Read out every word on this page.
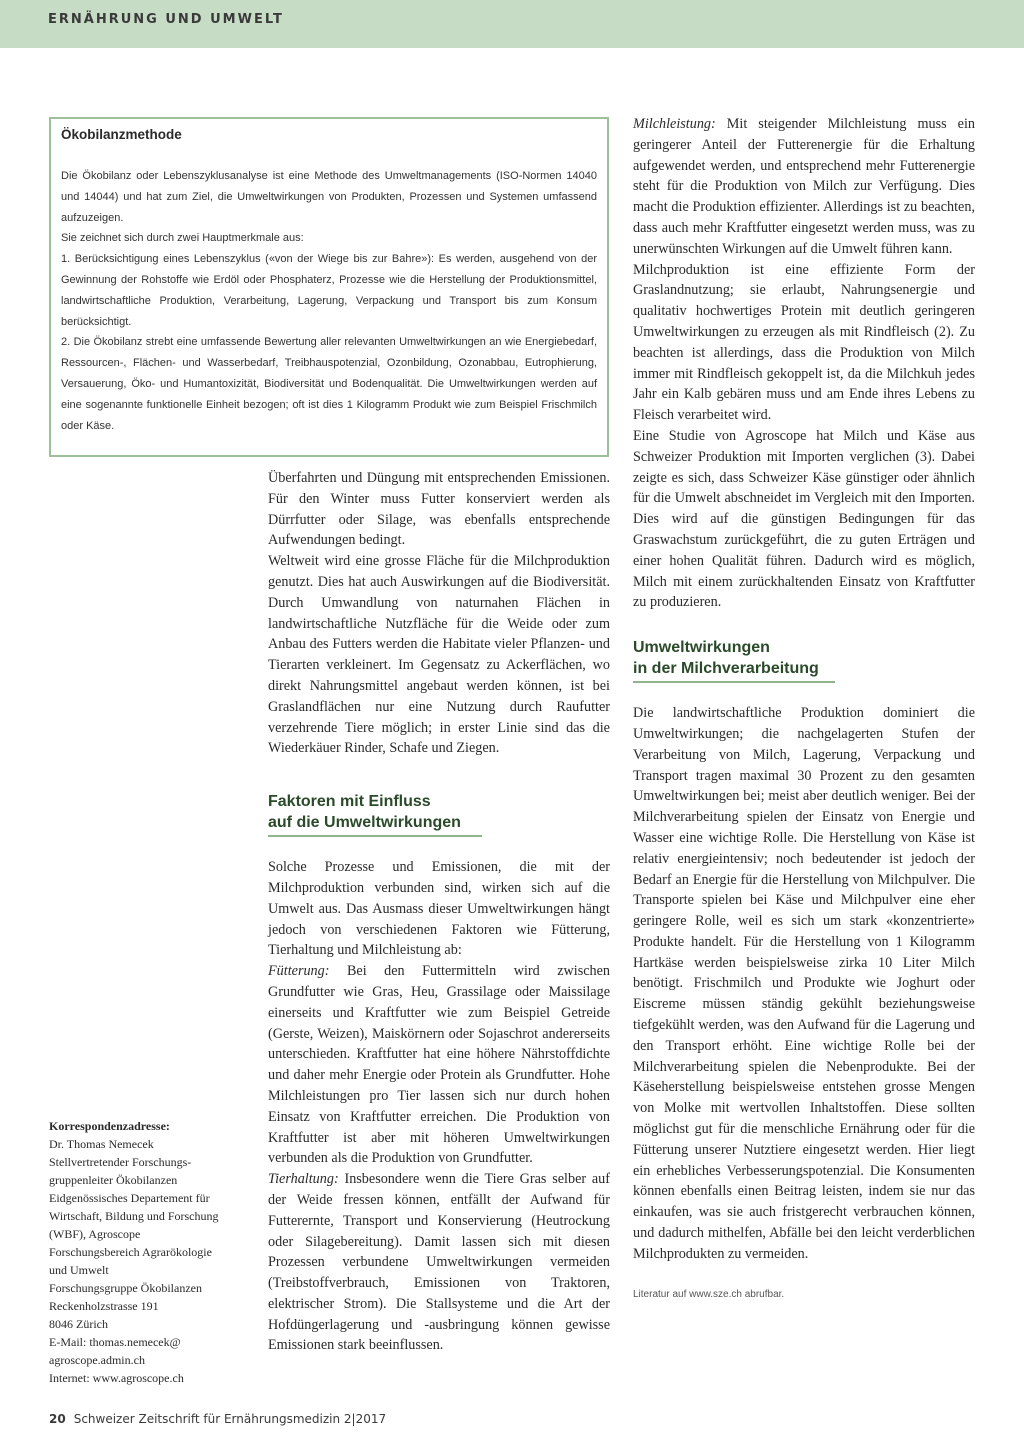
ERNÄHRUNG UND UMWELT
Ökobilanzmethode

Die Ökobilanz oder Lebenszyklusanalyse ist eine Methode des Umweltmanagements (ISO-Normen 14040 und 14044) und hat zum Ziel, die Umweltwirkungen von Produkten, Prozessen und Systemen umfassend aufzuzeigen.

Sie zeichnet sich durch zwei Hauptmerkmale aus:

1. Berücksichtigung eines Lebenszyklus («von der Wiege bis zur Bahre»): Es werden, ausgehend von der Gewinnung der Rohstoffe wie Erdöl oder Phosphaterz, Prozesse wie die Herstellung der Produktionsmittel, landwirtschaftliche Produktion, Verarbeitung, Lagerung, Verpackung und Transport bis zum Konsum berücksichtigt.

2. Die Ökobilanz strebt eine umfassende Bewertung aller relevanten Umweltwirkungen an wie Energiebedarf, Ressourcen-, Flächen- und Wasserbedarf, Treibhauspotenzial, Ozonbildung, Ozonabbau, Eutrophierung, Versauerung, Öko- und Humantoxizität, Biodiversität und Bodenqualität. Die Umweltwirkungen werden auf eine sogenannte funktionelle Einheit bezogen; oft ist dies 1 Kilogramm Produkt wie zum Beispiel Frischmilch oder Käse.

Überfahrten und Düngung mit entsprechenden Emissionen. Für den Winter muss Futter konserviert werden als Dürrfutter oder Silage, was ebenfalls entsprechende Aufwendungen bedingt.

Weltweit wird eine grosse Fläche für die Milchproduktion genutzt. Dies hat auch Auswirkungen auf die Biodiversität. Durch Umwandlung von naturnahen Flächen in landwirtschaftliche Nutzfläche für die Weide oder zum Anbau des Futters werden die Habitate vieler Pflanzen- und Tierarten verkleinert. Im Gegensatz zu Ackerflächen, wo direkt Nahrungsmittel angebaut werden können, ist bei Graslandflächen nur eine Nutzung durch Raufutter verzehrende Tiere möglich; in erster Linie sind das die Wiederkäuer Rinder, Schafe und Ziegen.

Faktoren mit Einfluss
auf die Umweltwirkungen

Solche Prozesse und Emissionen, die mit der Milchproduktion verbunden sind, wirken sich auf die Umwelt aus. Das Ausmass dieser Umweltwirkungen hängt jedoch von verschiedenen Faktoren wie Fütterung, Tierhaltung und Milchleistung ab:

Fütterung: Bei den Futtermitteln wird zwischen Grundfutter wie Gras, Heu, Grassilage oder Maissilage einerseits und Kraftfutter wie zum Beispiel Getreide (Gerste, Weizen), Maiskörnern oder Sojaschrot andererseits unterschieden. Kraftfutter hat eine höhere Nährstoffdichte und daher mehr Energie oder Protein als Grundfutter. Hohe Milchleistungen pro Tier lassen sich nur durch hohen Einsatz von Kraftfutter erreichen. Die Produktion von Kraftfutter ist aber mit höheren Umweltwirkungen verbunden als die Produktion von Grundfutter.

Tierhaltung: Insbesondere wenn die Tiere Gras selber auf der Weide fressen können, entfällt der Aufwand für Futterernte, Transport und Konservierung (Heutrockung oder Silagebereitung). Damit lassen sich mit diesen Prozessen verbundene Umweltwirkungen vermeiden (Treibstoffverbrauch, Emissionen von Traktoren, elektrischer Strom). Die Stallsysteme und die Art der Hofdüngerlagerung und -ausbringung können gewisse Emissionen stark beeinflussen.

Milchleistung: Mit steigender Milchleistung muss ein geringerer Anteil der Futterenergie für die Erhaltung aufgewendet werden, und entsprechend mehr Futterenergie steht für die Produktion von Milch zur Verfügung. Dies macht die Produktion effizienter. Allerdings ist zu beachten, dass auch mehr Kraftfutter eingesetzt werden muss, was zu unerwünschten Wirkungen auf die Umwelt führen kann.

Milchproduktion ist eine effiziente Form der Graslandnutzung; sie erlaubt, Nahrungsenergie und qualitativ hochwertiges Protein mit deutlich geringeren Umweltwirkungen zu erzeugen als mit Rindfleisch (2). Zu beachten ist allerdings, dass die Produktion von Milch immer mit Rindfleisch gekoppelt ist, da die Milchkuh jedes Jahr ein Kalb gebären muss und am Ende ihres Lebens zu Fleisch verarbeitet wird.

Eine Studie von Agroscope hat Milch und Käse aus Schweizer Produktion mit Importen verglichen (3). Dabei zeigte es sich, dass Schweizer Käse günstiger oder ähnlich für die Umwelt abschneidet im Vergleich mit den Importen. Dies wird auf die günstigen Bedingungen für das Graswachstum zurückgeführt, die zu guten Erträgen und einer hohen Qualität führen. Dadurch wird es möglich, Milch mit einem zurückhaltenden Einsatz von Kraftfutter zu produzieren.

Umweltwirkungen
in der Milchverarbeitung

Die landwirtschaftliche Produktion dominiert die Umweltwirkungen; die nachgelagerten Stufen der Verarbeitung von Milch, Lagerung, Verpackung und Transport tragen maximal 30 Prozent zu den gesamten Umweltwirkungen bei; meist aber deutlich weniger. Bei der Milchverarbeitung spielen der Einsatz von Energie und Wasser eine wichtige Rolle. Die Herstellung von Käse ist relativ energieintensiv; noch bedeutender ist jedoch der Bedarf an Energie für die Herstellung von Milchpulver. Die Transporte spielen bei Käse und Milchpulver eine eher geringere Rolle, weil es sich um stark «konzentrierte» Produkte handelt. Für die Herstellung von 1 Kilogramm Hartkäse werden beispielsweise zirka 10 Liter Milch benötigt. Frischmilch und Produkte wie Joghurt oder Eiscreme müssen ständig gekühlt beziehungsweise tiefgekühlt werden, was den Aufwand für die Lagerung und den Transport erhöht. Eine wichtige Rolle bei der Milchverarbeitung spielen die Nebenprodukte. Bei der Käseherstellung beispielsweise entstehen grosse Mengen von Molke mit wertvollen Inhaltstoffen. Diese sollten möglichst gut für die menschliche Ernährung oder für die Fütterung unserer Nutztiere eingesetzt werden. Hier liegt ein erhebliches Verbesserungspotenzial. Die Konsumenten können ebenfalls einen Beitrag leisten, indem sie nur das einkaufen, was sie auch fristgerecht verbrauchen können, und dadurch mithelfen, Abfälle bei den leicht verderblichen Milchprodukten zu vermeiden.

Literatur auf www.sze.ch abrufbar.
Korrespondenzadresse:
Dr. Thomas Nemecek
Stellvertretender Forschungs-
gruppenleiter Ökobilanzen
Eidgenössisches Departement für
Wirtschaft, Bildung und Forschung
(WBF), Agroscope
Forschungsbereich Agrarökologie
und Umwelt
Forschungsgruppe Ökobilanzen
Reckenholzstrasse 191
8046 Zürich
E-Mail: thomas.nemecek@
agroscope.admin.ch
Internet: www.agroscope.ch
20 Schweizer Zeitschrift für Ernährungsmedizin 2|2017
